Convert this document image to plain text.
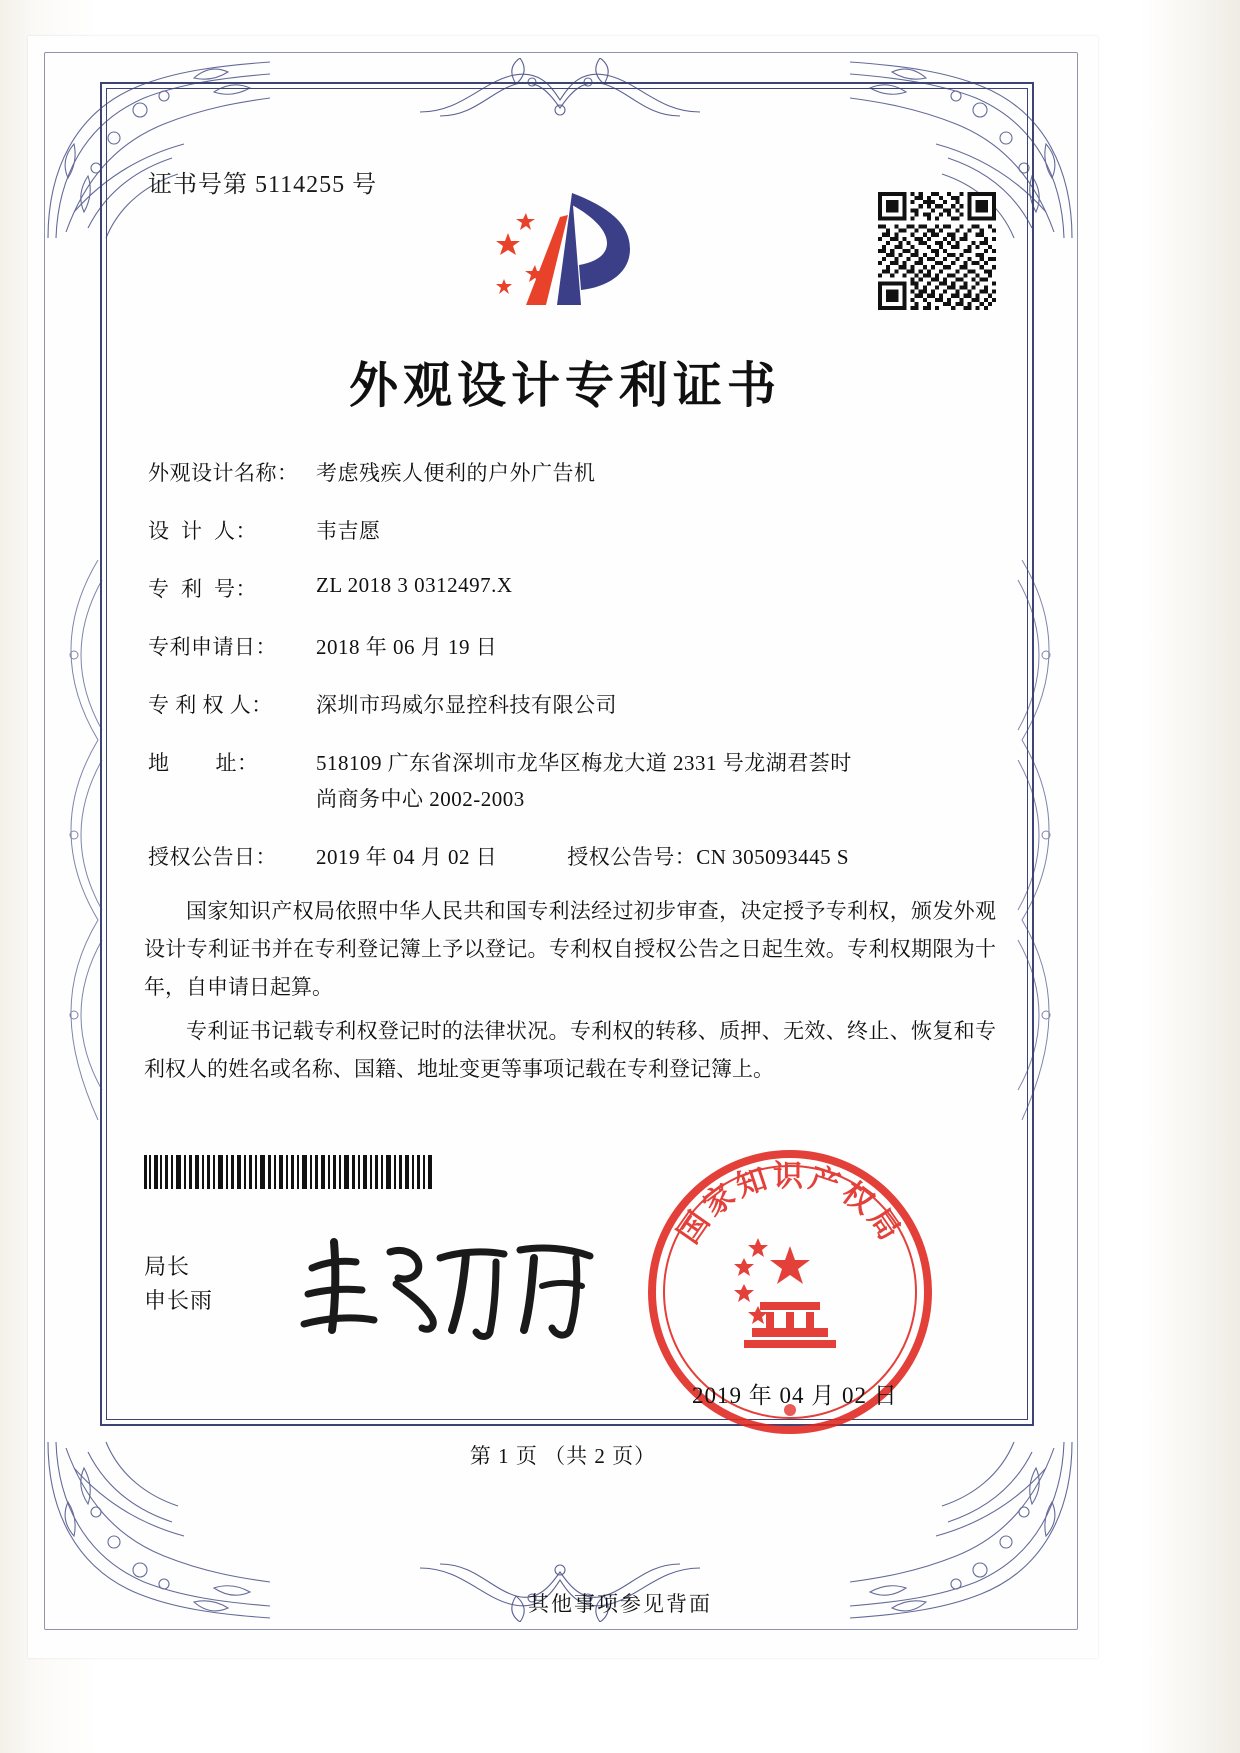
证书号第 5114255 号
外观设计专利证书
外观设计名称： 考虑残疾人便利的户外广告机
设  计  人：	韦吉愿
专  利  号：	ZL 2018 3 0312497.X
专利申请日：	2018 年 06 月 19 日
专 利 权 人：	深圳市玛威尔显控科技有限公司
地        址：	518109 广东省深圳市龙华区梅龙大道 2331 号龙湖君荟时
尚商务中心 2002-2003
授权公告日：	2019 年 04 月 02 日	授权公告号： CN 305093445 S

国家知识产权局依照中华人民共和国专利法经过初步审查，决定授予专利权，颁发外观设计专利证书并在专利登记簿上予以登记。专利权自授权公告之日起生效。专利权期限为十年，自申请日起算。

专利证书记载专利权登记时的法律状况。专利权的转移、质押、无效、终止、恢复和专利权人的姓名或名称、国籍、地址变更等事项记载在专利登记簿上。

局长
申长雨
国家知识产权局
2019 年 04 月 02 日
第 1 页 （共 2 页）
其他事项参见背面
